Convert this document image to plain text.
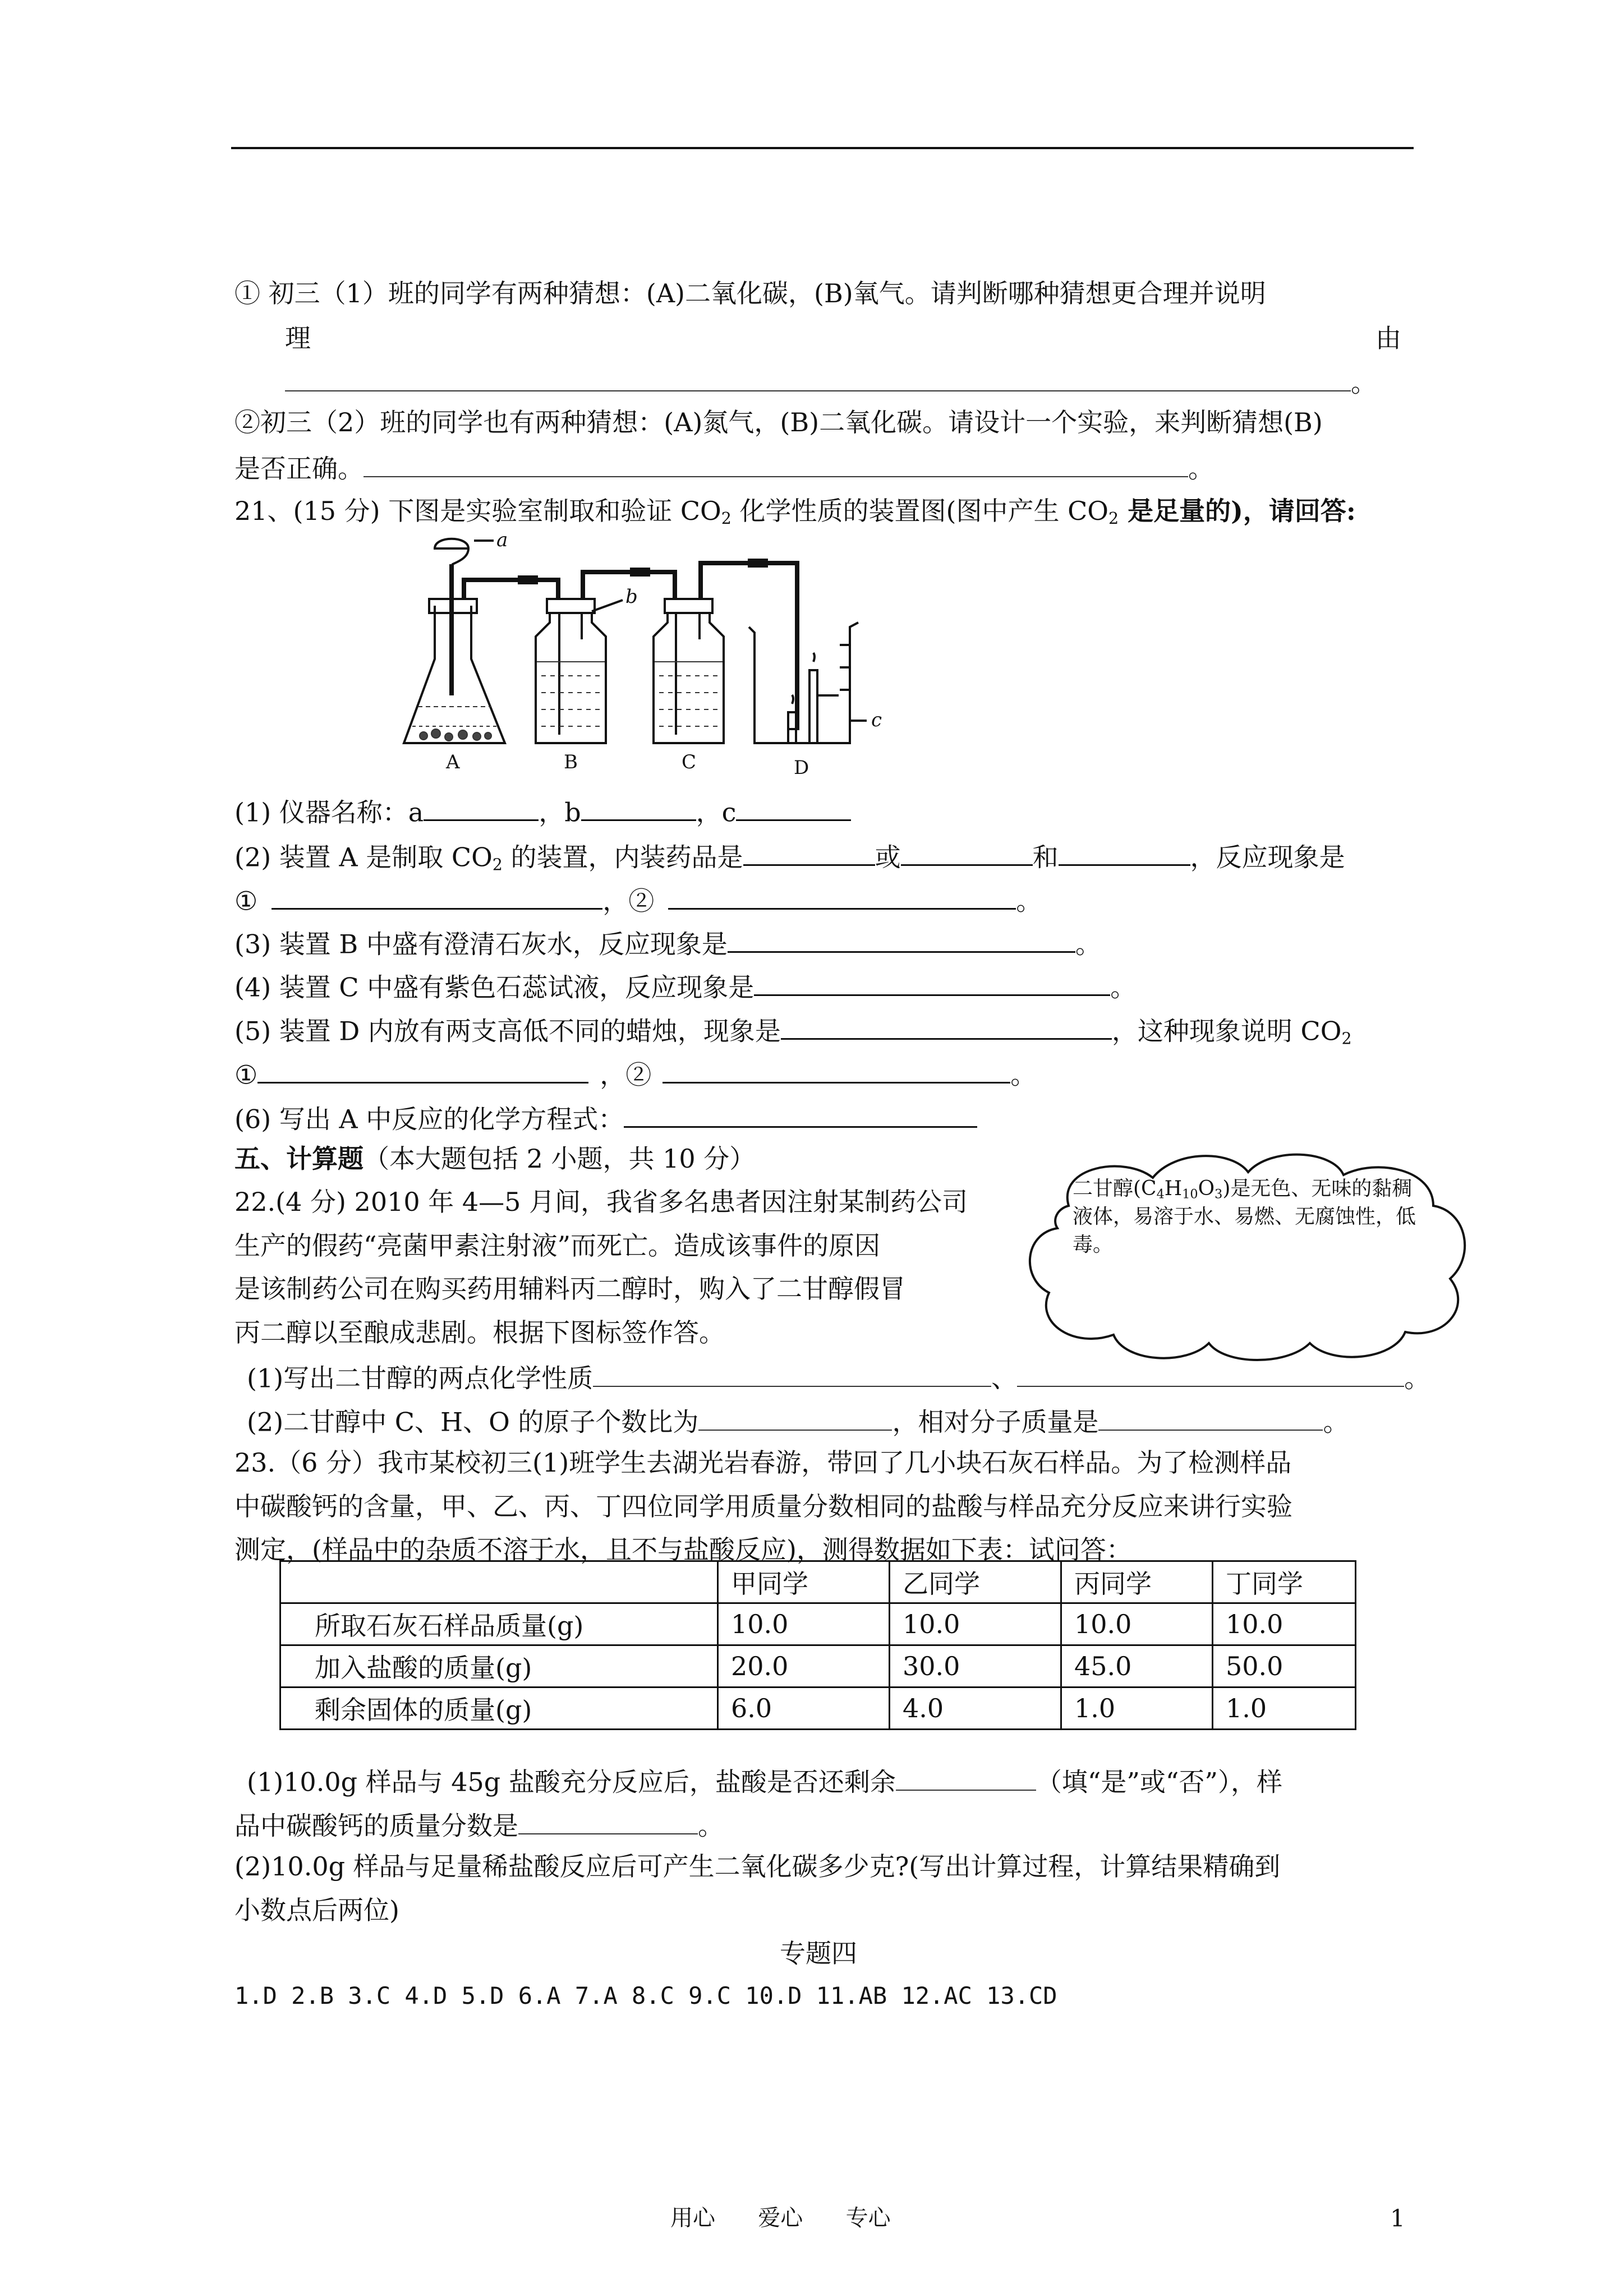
① 初三（1）班的同学有两种猜想：(A)二氧化碳，(B)氧气。请判断哪种猜想更合理并说明
理	由
。
②初三（2）班的同学也有两种猜想：(A)氮气，(B)二氧化碳。请设计一个实验，来判断猜想(B)
是否正确。	。
21、(15 分) 下图是实验室制取和验证 $CO_2$ 化学性质的装置图(图中产生 $CO_2$ 是足量的)，请回答:
a
b
c
A	B	C	D
(1) 仪器名称：a	，b	，c
(2) 装置 A 是制取 $CO_2$ 的装置，内装药品是	或	和	，反应现象是
①	，②	。
(3) 装置 B 中盛有澄清石灰水，反应现象是	。
(4) 装置 C 中盛有紫色石蕊试液，反应现象是	。
(5) 装置 D 内放有两支高低不同的蜡烛，现象是	，这种现象说明 $CO_2$
①	，②	。
(6) 写出 A 中反应的化学方程式：
五、计算题（本大题包括 2 小题，共 10 分）
22.(4 分) 2010 年 4—5 月间，我省多名患者因注射某制药公司
生产的假药“亮菌甲素注射液”而死亡。造成该事件的原因
是该制药公司在购买药用辅料丙二醇时，购入了二甘醇假冒
丙二醇以至酿成悲剧。根据下图标签作答。
二甘醇$(C_4H_{10}O_3)$是无色、无味的黏稠液体，易溶于水、易燃、无腐蚀性，低毒。
(1)写出二甘醇的两点化学性质	、	。
(2)二甘醇中 C、H、O 的原子个数比为	，相对分子质量是	。
23.（6 分）我市某校初三(1)班学生去湖光岩春游，带回了几小块石灰石样品。为了检测样品
中碳酸钙的含量，甲、乙、丙、丁四位同学用质量分数相同的盐酸与样品充分反应来讲行实验
测定，(样品中的杂质不溶于水，且不与盐酸反应)，测得数据如下表：试问答：
	甲同学	乙同学	丙同学	丁同学
所取石灰石样品质量(g)	10.0	10.0	10.0	10.0
加入盐酸的质量(g)	20.0	30.0	45.0	50.0
剩余固体的质量(g)	6.0	4.0	1.0	1.0
(1)10.0g 样品与 45g 盐酸充分反应后，盐酸是否还剩余	（填“是”或“否”），样
品中碳酸钙的质量分数是	。
(2)10.0g 样品与足量稀盐酸反应后可产生二氧化碳多少克?(写出计算过程，计算结果精确到
小数点后两位)
专题四
1.D 2.B 3.C 4.D 5.D 6.A 7.A 8.C 9.C 10.D 11.AB 12.AC 13.CD
用心      爱心      专心	1
